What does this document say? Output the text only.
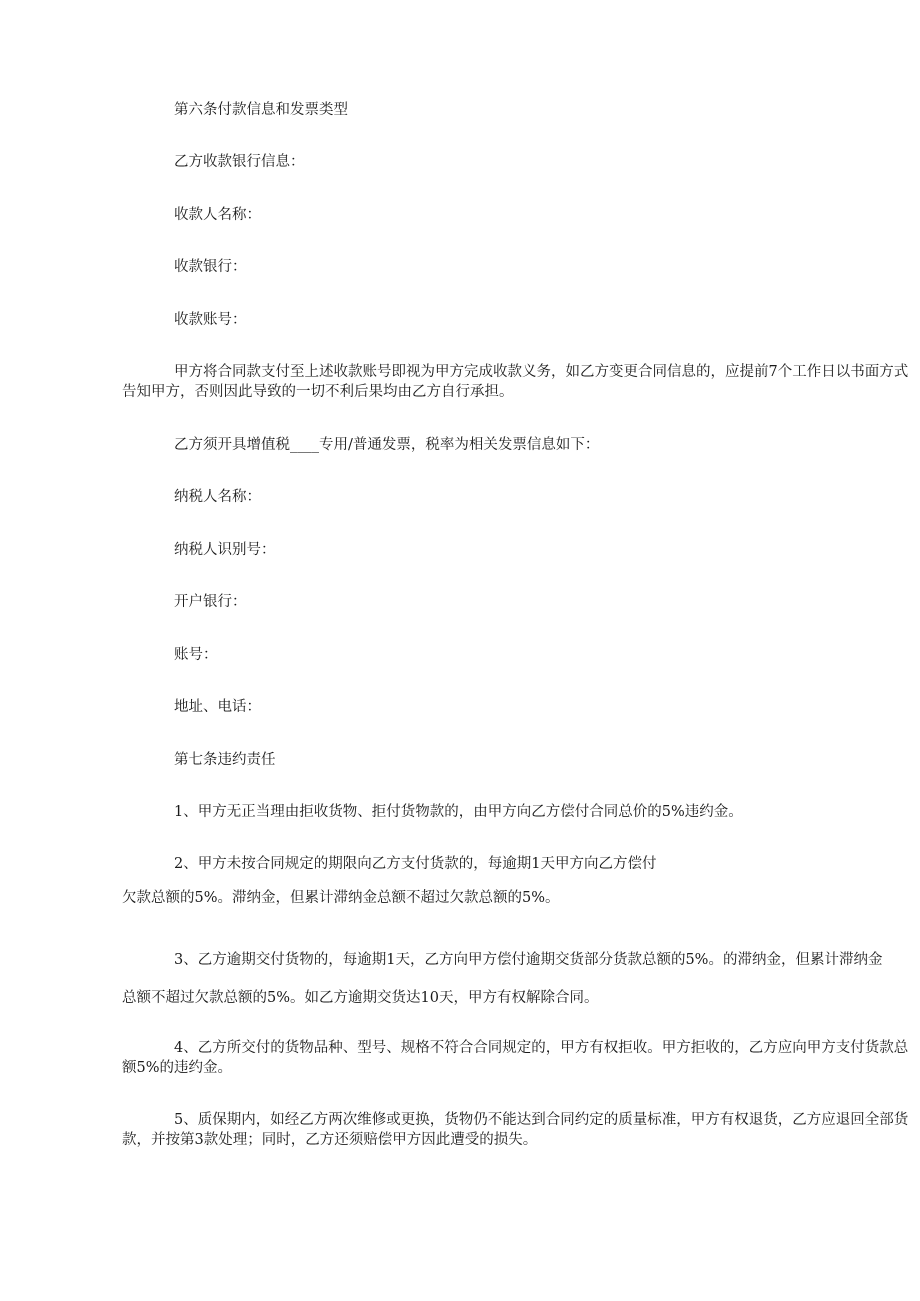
第六条付款信息和发票类型

乙方收款银行信息：

收款人名称：

收款银行：

收款账号：

甲方将合同款支付至上述收款账号即视为甲方完成收款义务，如乙方变更合同信息的，应提前7个工作日以书面方式告知甲方，否则因此导致的一切不利后果均由乙方自行承担。

乙方须开具增值税____专用/普通发票，税率为相关发票信息如下：

纳税人名称：

纳税人识别号：

开户银行：

账号：

地址、电话：

第七条违约责任

1、甲方无正当理由拒收货物、拒付货物款的，由甲方向乙方偿付合同总价的5%违约金。

2、甲方未按合同规定的期限向乙方支付货款的，每逾期1天甲方向乙方偿付

欠款总额的5%。滞纳金，但累计滞纳金总额不超过欠款总额的5%。

3、乙方逾期交付货物的，每逾期1天，乙方向甲方偿付逾期交货部分货款总额的5%。的滞纳金，但累计滞纳金

总额不超过欠款总额的5%。如乙方逾期交货达10天，甲方有权解除合同。

4、乙方所交付的货物品种、型号、规格不符合合同规定的，甲方有权拒收。甲方拒收的，乙方应向甲方支付货款总额5%的违约金。

5、质保期内，如经乙方两次维修或更换，货物仍不能达到合同约定的质量标准，甲方有权退货，乙方应退回全部货款，并按第3款处理；同时，乙方还须赔偿甲方因此遭受的损失。
